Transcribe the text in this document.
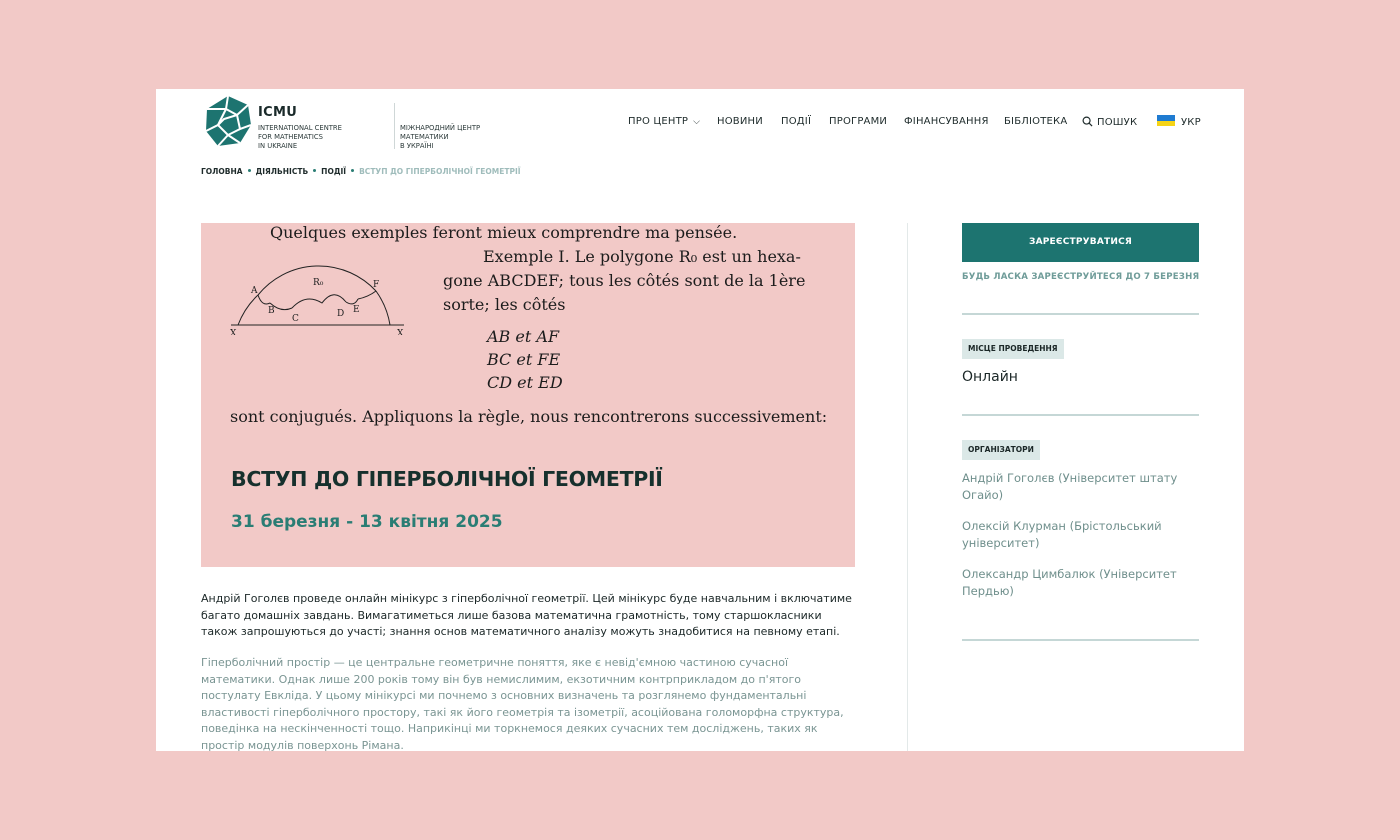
ICMU
INTERNATIONAL CENTRE
FOR MATHEMATICS
IN UKRAINE
МІЖНАРОДНИЙ ЦЕНТР
МАТЕМАТИКИ
В УКРАЇНІ
ПРО ЦЕНТР ⌵ НОВИНИ ПОДІЇ ПРОГРАМИ ФІНАНСУВАННЯ БІБЛІОТЕКА	ПОШУК	УКР
ГОЛОВНА ДІЯЛЬНІСТЬ ПОДІЇ ВСТУП ДО ГІПЕРБОЛІЧНОЇ ГЕОМЕТРІЇ
Quelques exemples feront mieux comprendre ma pensée.
Exemple I. Le polygone R₀ est un hexa-
gone ABCDEF; tous les côtés sont de la 1ère
sorte; les côtés
AB et AF
BC et FE
CD et ED
sont conjugués. Appliquons la règle, nous rencontrerons successivement:
A
B
C	D E
F
R₀
X	X
ВСТУП ДО ГІПЕРБОЛІЧНОЇ ГЕОМЕТРІЇ
31 березня - 13 квітня 2025
Андрій Гоголєв проведе онлайн мінікурс з гіперболічної геометрії. Цей мінікурс буде навчальним і включатиме багато домашніх завдань. Вимагатиметься лише базова математична грамотність, тому старшокласники також запрошуються до участі; знання основ математичного аналізу можуть знадобитися на певному етапі.
Гіперболічний простір — це центральне геометричне поняття, яке є невід'ємною частиною сучасної математики. Однак лише 200 років тому він був немислимим, екзотичним контрприкладом до п'ятого постулату Евкліда. У цьому мінікурсі ми почнемо з основних визначень та розглянемо фундаментальні властивості гіперболічного простору, такі як його геометрія та ізометрії, асоційована голоморфна структура, поведінка на нескінченності тощо. Наприкінці ми торкнемося деяких сучасних тем досліджень, таких як простір модулів поверхонь Рімана.
ЗАРЕЄСТРУВАТИСЯ
БУДЬ ЛАСКА ЗАРЕЄСТРУЙТЕСЯ ДО 7 БЕРЕЗНЯ
МІСЦЕ ПРОВЕДЕННЯ
Онлайн
ОРГАНІЗАТОРИ
Андрій Гоголєв (Університет штату Огайо)
Олексій Клурман (Брістольський університет)
Олександр Цимбалюк (Університет Пердью)
